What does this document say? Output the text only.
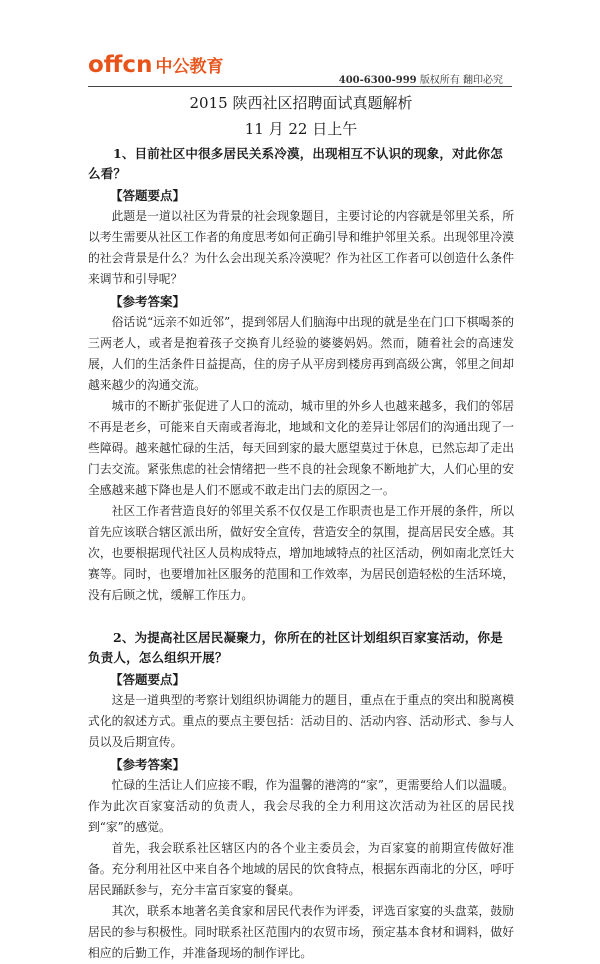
offcn 中公教育
400-6300-999 版权所有 翻印必究
2015 陕西社区招聘面试真题解析
11 月 22 日上午

1、目前社区中很多居民关系冷漠，出现相互不认识的现象，对此你怎么看？

【答题要点】

此题是一道以社区为背景的社会现象题目，主要讨论的内容就是邻里关系，所以考生需要从社区工作者的角度思考如何正确引导和维护邻里关系。出现邻里冷漠的社会背景是什么？为什么会出现关系冷漠呢？作为社区工作者可以创造什么条件来调节和引导呢？

【参考答案】

俗话说“远亲不如近邻”，提到邻居人们脑海中出现的就是坐在门口下棋喝茶的三两老人，或者是抱着孩子交换育儿经验的婆婆妈妈。然而，随着社会的高速发展，人们的生活条件日益提高，住的房子从平房到楼房再到高级公寓，邻里之间却越来越少的沟通交流。

城市的不断扩张促进了人口的流动，城市里的外乡人也越来越多，我们的邻居不再是老乡，可能来自天南或者海北，地域和文化的差异让邻居们的沟通出现了一些障碍。越来越忙碌的生活，每天回到家的最大愿望莫过于休息，已然忘却了走出门去交流。紧张焦虑的社会情绪把一些不良的社会现象不断地扩大，人们心里的安全感越来越下降也是人们不愿或不敢走出门去的原因之一。

社区工作者营造良好的邻里关系不仅仅是工作职责也是工作开展的条件，所以首先应该联合辖区派出所，做好安全宣传，营造安全的氛围，提高居民安全感。其次，也要根据现代社区人员构成特点，增加地域特点的社区活动，例如南北烹饪大赛等。同时，也要增加社区服务的范围和工作效率，为居民创造轻松的生活环境，没有后顾之忧，缓解工作压力。

2、为提高社区居民凝聚力，你所在的社区计划组织百家宴活动，你是负责人，怎么组织开展？

【答题要点】

这是一道典型的考察计划组织协调能力的题目，重点在于重点的突出和脱离模式化的叙述方式。重点的要点主要包括：活动目的、活动内容、活动形式、参与人员以及后期宣传。

【参考答案】

忙碌的生活让人们应接不暇，作为温馨的港湾的“家”，更需要给人们以温暖。作为此次百家宴活动的负责人，我会尽我的全力利用这次活动为社区的居民找到“家”的感觉。

首先，我会联系社区辖区内的各个业主委员会，为百家宴的前期宣传做好准备。充分利用社区中来自各个地域的居民的饮食特点，根据东西南北的分区，呼吁居民踊跃参与，充分丰富百家宴的餐桌。

其次，联系本地著名美食家和居民代表作为评委，评选百家宴的头盘菜，鼓励居民的参与积极性。同时联系社区范围内的农贸市场，预定基本食材和调料，做好相应的后勤工作，并准备现场的制作评比。
